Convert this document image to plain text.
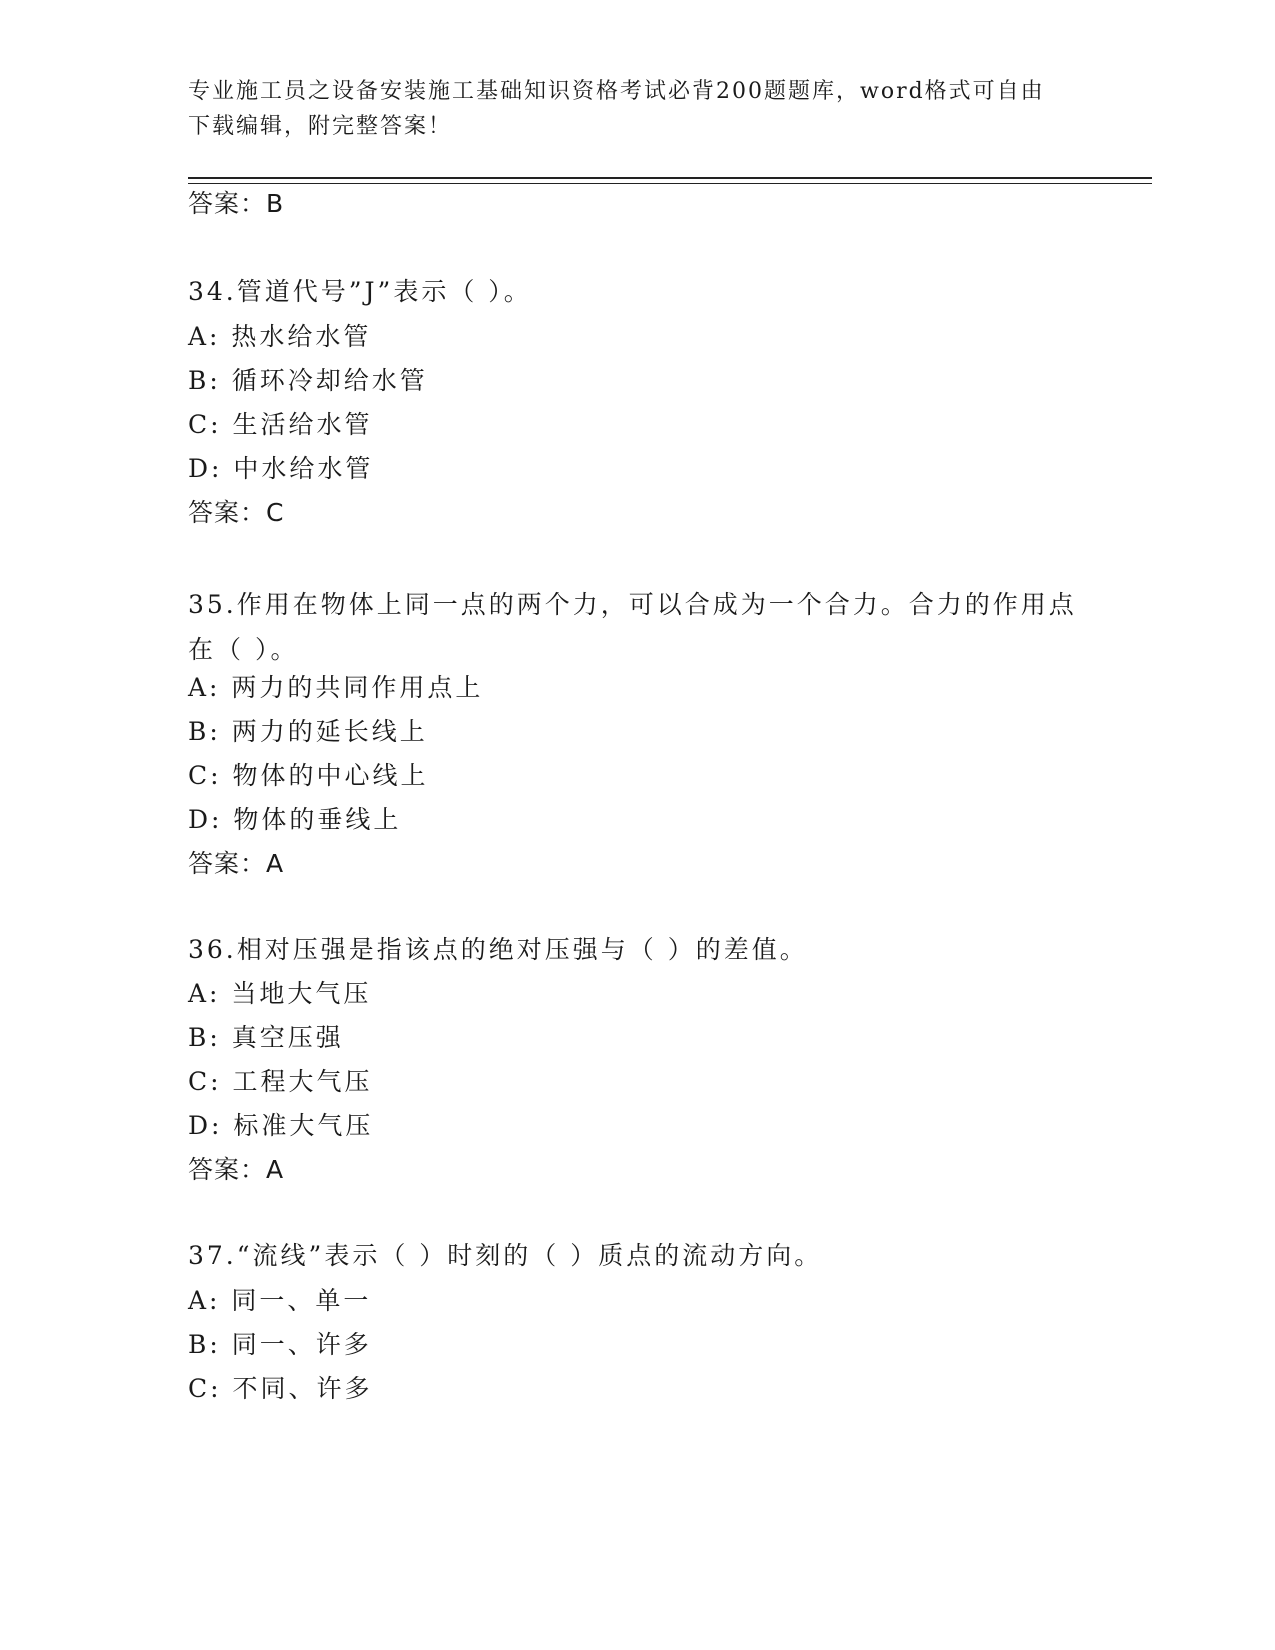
专业施工员之设备安装施工基础知识资格考试必背200题题库，word格式可自由下载编辑，附完整答案！
答案：B
34.管道代号”J”表示（ ）。
A: 热水给水管
B: 循环冷却给水管
C: 生活给水管
D: 中水给水管
答案：C
35.作用在物体上同一点的两个力，可以合成为一个合力。合力的作用点在（ ）。
A: 两力的共同作用点上
B: 两力的延长线上
C: 物体的中心线上
D: 物体的垂线上
答案：A
36.相对压强是指该点的绝对压强与（ ）的差值。
A: 当地大气压
B: 真空压强
C: 工程大气压
D: 标准大气压
答案：A
37.“流线”表示（ ）时刻的（ ）质点的流动方向。
A: 同一、单一
B: 同一、许多
C: 不同、许多
